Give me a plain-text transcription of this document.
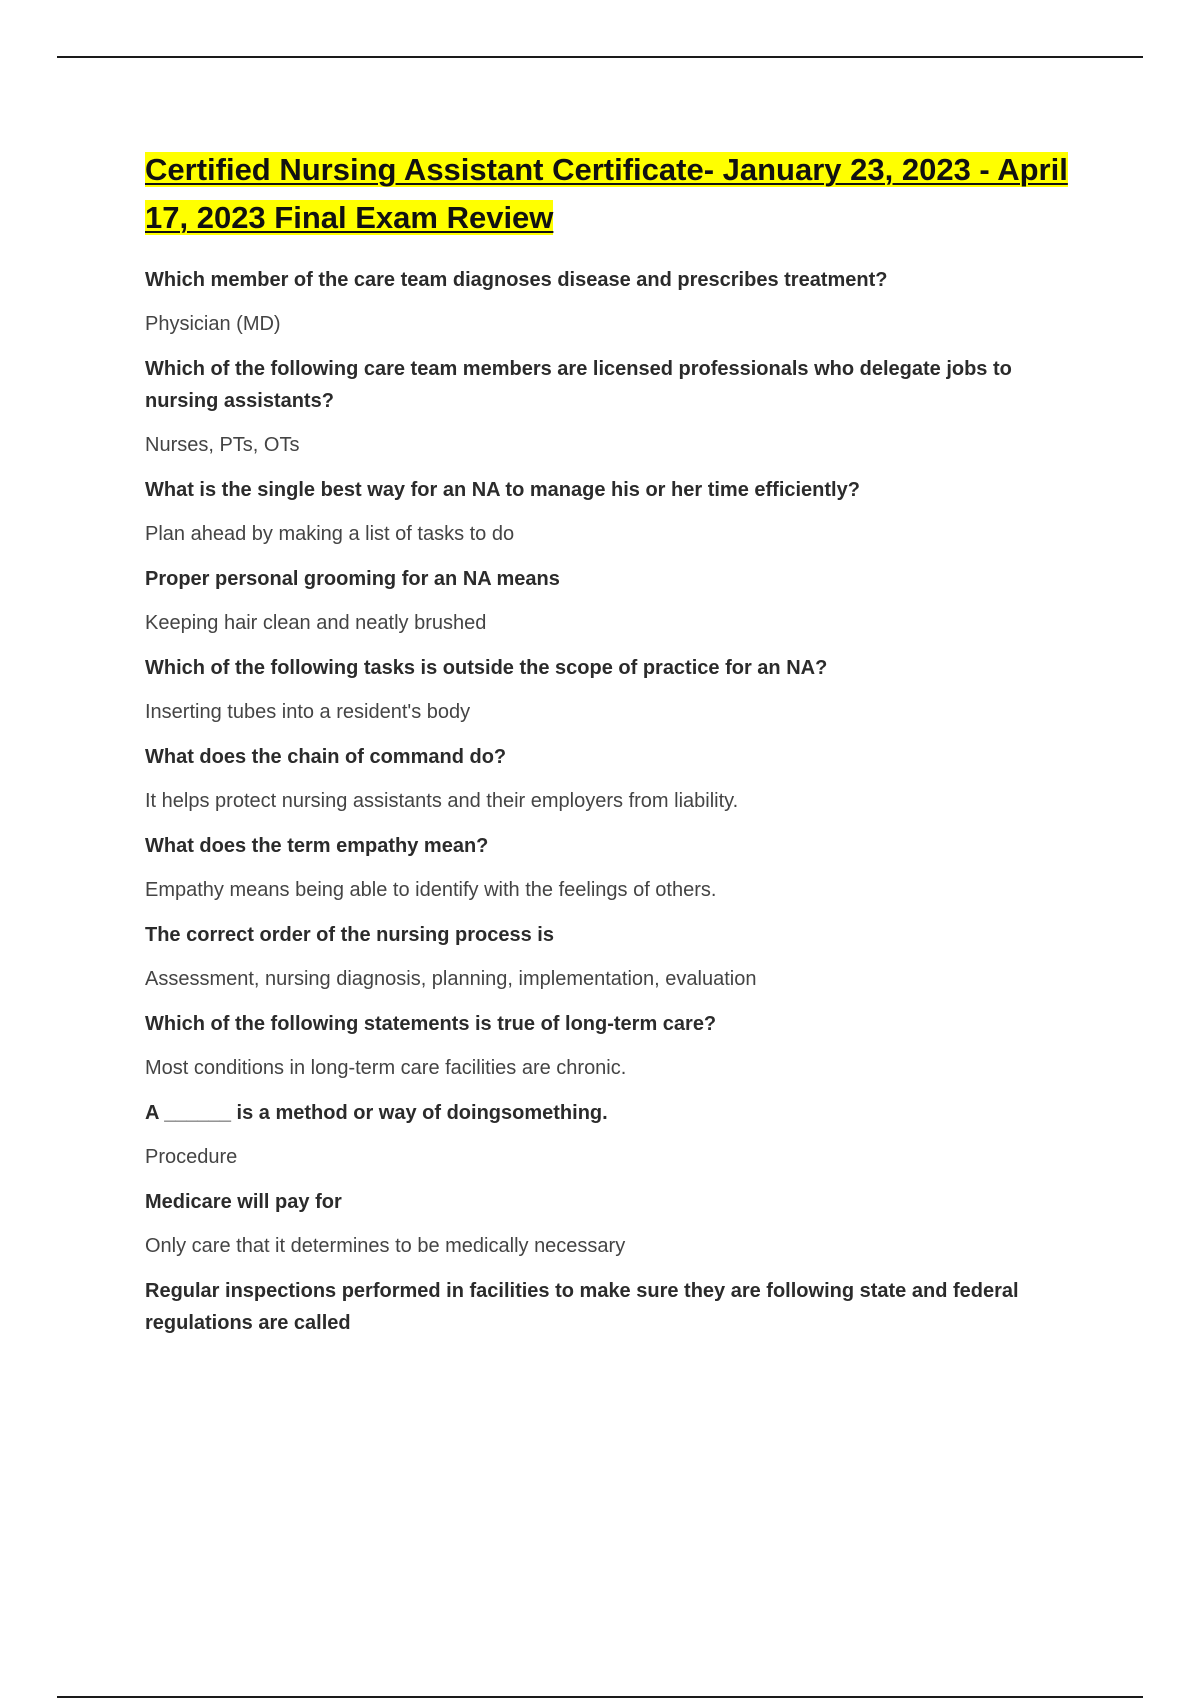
Certified Nursing Assistant Certificate- January 23, 2023 - April 17, 2023 Final Exam Review

Which member of the care team diagnoses disease and prescribes treatment?

Physician (MD)

Which of the following care team members are licensed professionals who delegate jobs to nursing assistants?

Nurses, PTs, OTs

What is the single best way for an NA to manage his or her time efficiently?

Plan ahead by making a list of tasks to do

Proper personal grooming for an NA means

Keeping hair clean and neatly brushed

Which of the following tasks is outside the scope of practice for an NA?

Inserting tubes into a resident's body

What does the chain of command do?

It helps protect nursing assistants and their employers from liability.

What does the term empathy mean?

Empathy means being able to identify with the feelings of others.

The correct order of the nursing process is

Assessment, nursing diagnosis, planning, implementation, evaluation

Which of the following statements is true of long-term care?

Most conditions in long-term care facilities are chronic.

A ______ is a method or way of doingsomething.

Procedure

Medicare will pay for

Only care that it determines to be medically necessary

Regular inspections performed in facilities to make sure they are following state and federal regulations are called
